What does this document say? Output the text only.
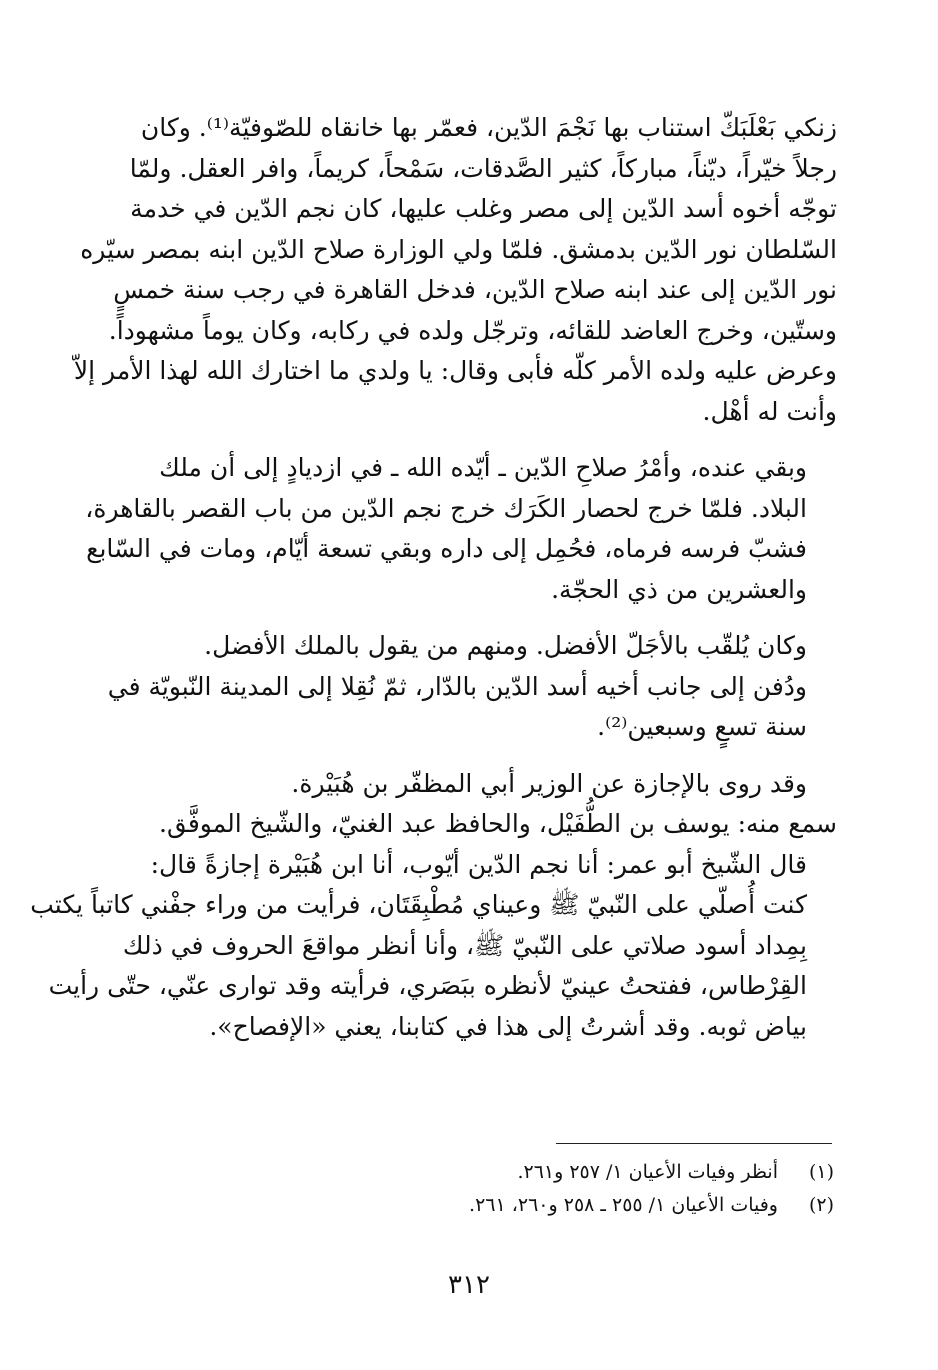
زنكي بَعْلَبَكّ استناب بها نَجْمَ الدّين، فعمّر بها خانقاه للصّوفيّة⁽¹⁾. وكان
رجلاً خيّراً، ديّناً، مباركاً، كثير الصَّدقات، سَمْحاً، كريماً، وافر العقل. ولمّا
توجّه أخوه أسد الدّين إلى مصر وغلب عليها، كان نجم الدّين في خدمة
السّلطان نور الدّين بدمشق. فلمّا ولي الوزارة صلاح الدّين ابنه بمصر سيّره
نور الدّين إلى عند ابنه صلاح الدّين، فدخل القاهرة في رجب سنة خمسٍ
وستّين، وخرج العاضد للقائه، وترجّل ولده في ركابه، وكان يوماً مشهوداً.
وعرض عليه ولده الأمر كلّه فأبى وقال: يا ولدي ما اختارك الله لهذا الأمر إلاّ
وأنت له أهْل.

وبقي عنده، وأمْرُ صلاحِ الدّين ـ أيّده الله ـ في ازديادٍ إلى أن ملك
البلاد. فلمّا خرج لحصار الكَرَك خرج نجم الدّين من باب القصر بالقاهرة،
فشبّ فرسه فرماه، فحُمِل إلى داره وبقي تسعة أيّام، ومات في السّابع
والعشرين من ذي الحجّة.

وكان يُلقّب بالأجَلّ الأفضل. ومنهم من يقول بالملك الأفضل.

ودُفن إلى جانب أخيه أسد الدّين بالدّار، ثمّ نُقِلا إلى المدينة النّبويّة في
سنة تسعٍ وسبعين⁽²⁾.

وقد روى بالإجازة عن الوزير أبي المظفّر بن هُبَيْرة.

سمع منه: يوسف بن الطُّفَيْل، والحافظ عبد الغنيّ، والشّيخ الموفَّق.

قال الشّيخ أبو عمر: أنا نجم الدّين أيّوب، أنا ابن هُبَيْرة إجازةً قال:
كنت أُصلّي على النّبيّ ﷺ وعيناي مُطْبِقَتَان، فرأيت من وراء جفْني كاتباً يكتب
بِمِداد أسود صلاتي على النّبيّ ﷺ، وأنا أنظر مواقعَ الحروف في ذلك
القِرْطاس، ففتحتُ عينيّ لأنظره ببَصَري، فرأيته وقد توارى عنّي، حتّى رأيت
بياض ثوبه. وقد أشرتُ إلى هذا في كتابنا، يعني «الإفصاح».

(١)
أنظر وفيات الأعيان ١/ ٢٥٧ و٢٦١.
(٢)
وفيات الأعيان ١/ ٢٥٥ ـ ٢٥٨ و٢٦٠، ٢٦١.
٣١٢
